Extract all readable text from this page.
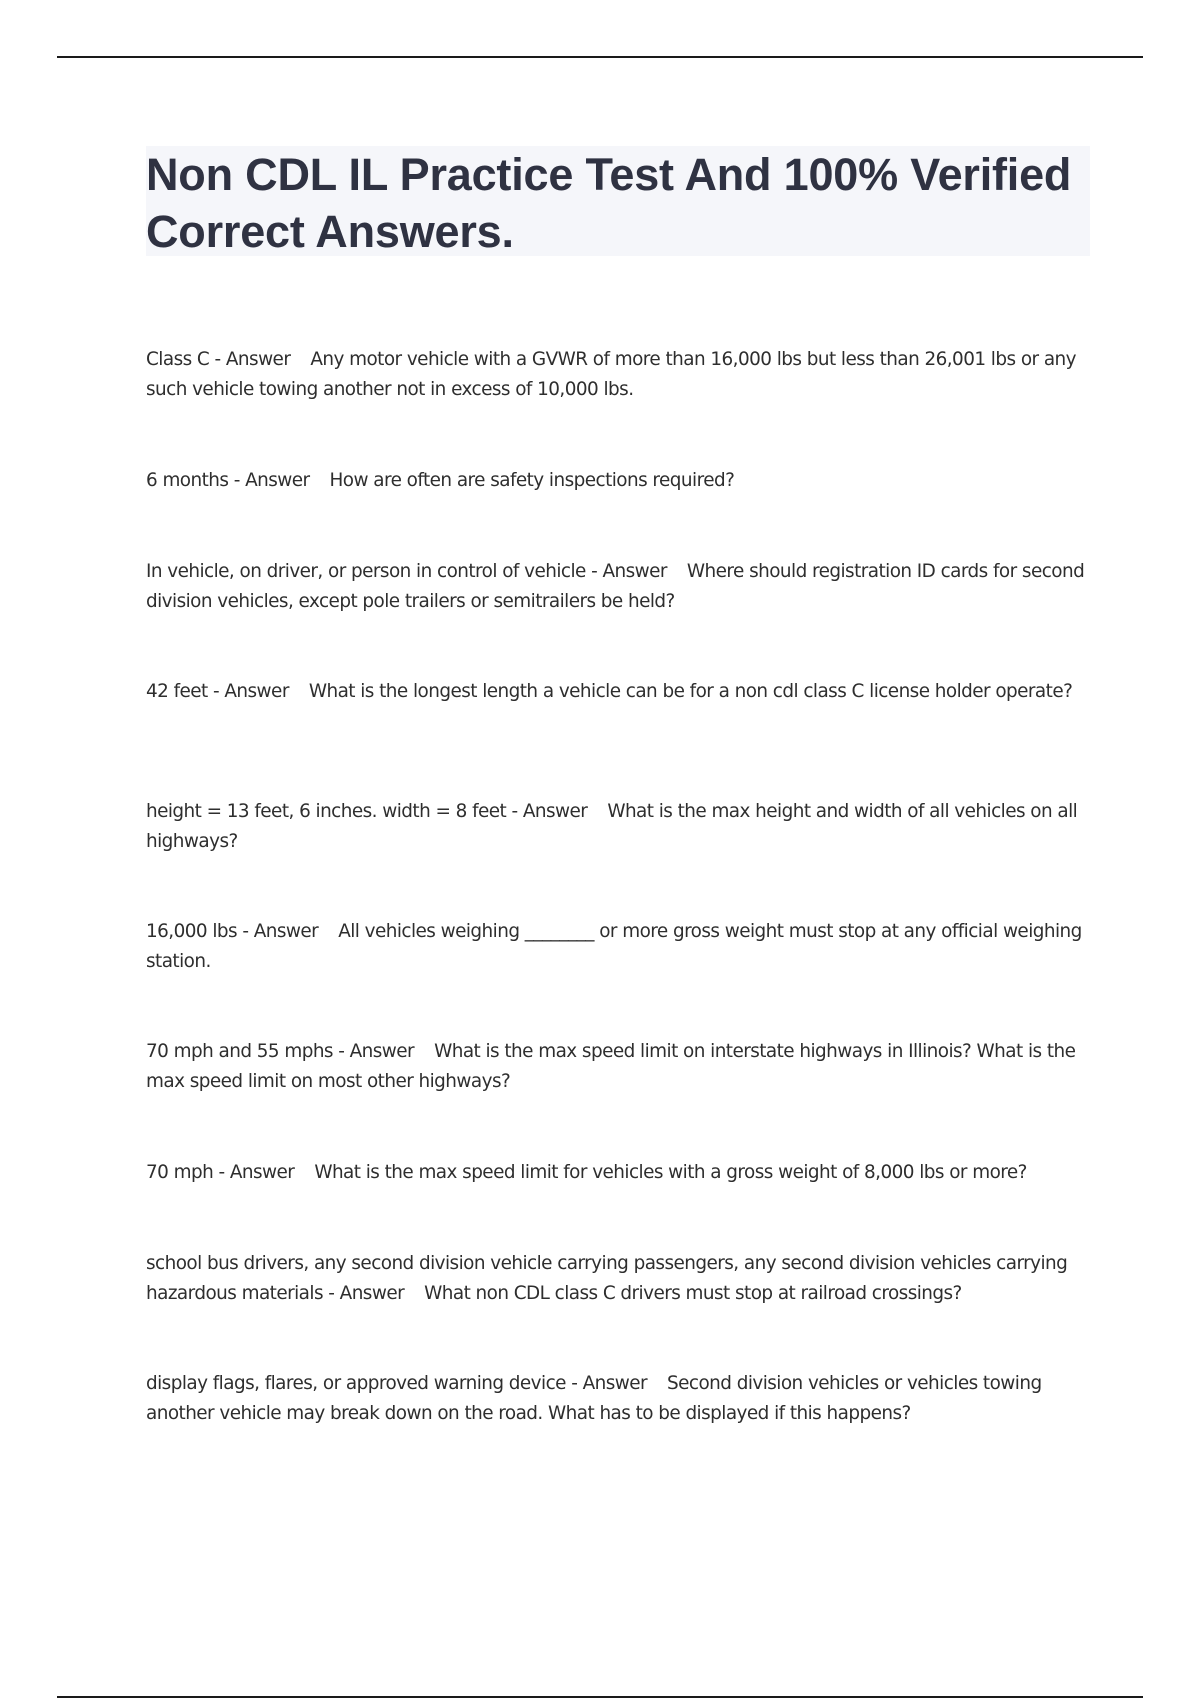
Non CDL IL Practice Test And 100% Verified Correct Answers.

Class C - Answer Any motor vehicle with a GVWR of more than 16,000 lbs but less than 26,001 lbs or any such vehicle towing another not in excess of 10,000 lbs.

6 months - Answer How are often are safety inspections required?

In vehicle, on driver, or person in control of vehicle - Answer Where should registration ID cards for second division vehicles, except pole trailers or semitrailers be held?

42 feet - Answer What is the longest length a vehicle can be for a non cdl class C license holder operate?

height = 13 feet, 6 inches. width = 8 feet - Answer What is the max height and width of all vehicles on all highways?

16,000 lbs - Answer All vehicles weighing ________ or more gross weight must stop at any official weighing station.

70 mph and 55 mphs - Answer What is the max speed limit on interstate highways in Illinois? What is the max speed limit on most other highways?

70 mph - Answer What is the max speed limit for vehicles with a gross weight of 8,000 lbs or more?

school bus drivers, any second division vehicle carrying passengers, any second division vehicles carrying hazardous materials - Answer What non CDL class C drivers must stop at railroad crossings?

display flags, flares, or approved warning device - Answer Second division vehicles or vehicles towing another vehicle may break down on the road. What has to be displayed if this happens?
